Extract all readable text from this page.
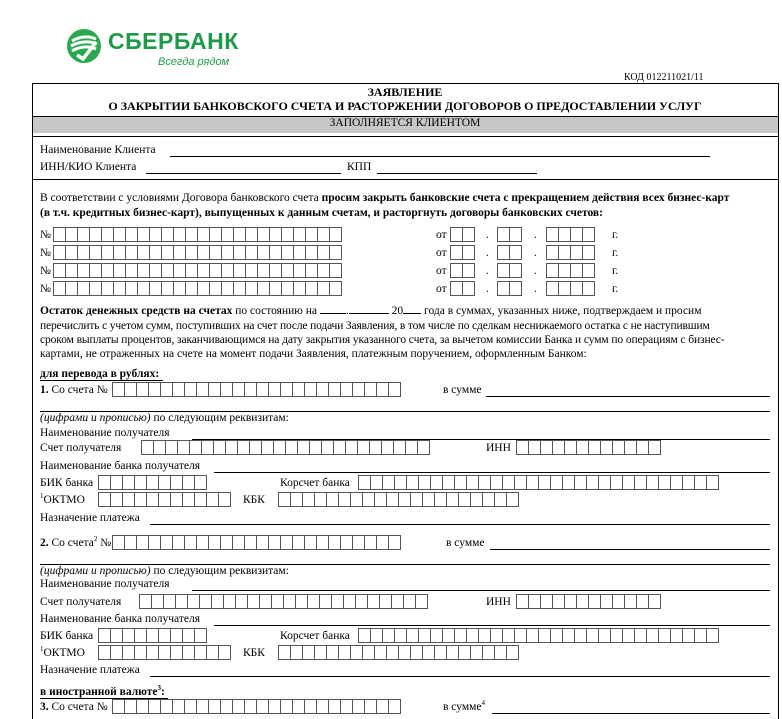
СБЕРБАНК
Всегда рядом
КОД 012211021/11
ЗАЯВЛЕНИЕ
О ЗАКРЫТИИ БАНКОВСКОГО СЧЕТА И РАСТОРЖЕНИИ ДОГОВОРОВ О ПРЕДОСТАВЛЕНИИ УСЛУГ
ЗАПОЛНЯЕТСЯ КЛИЕНТОМ
Наименование Клиента
ИНН/КИО Клиента	КПП
В соответствии с условиями Договора банковского счета просим закрыть банковские счета с прекращением действия всех бизнес-карт
(в т.ч. кредитных бизнес-карт), выпущенных к данным счетам, и расторгнуть договоры банковских счетов:
№	от	.	.	г.
№	от	.	.	г.
№	от	.	.	г.
№	от	.	.	г.
Остаток денежных средств на счетах по состоянию на	.	20 года в суммах, указанных ниже, подтверждаем и просим
перечислить с учетом сумм, поступивших на счет после подачи Заявления, в том числе по сделкам неснижаемого остатка с не наступившим
сроком выплаты процентов, заканчивающимся на дату закрытия указанного счета, за вычетом комиссии Банка и сумм по операциям с бизнес-
картами, не отраженных на счете на момент подачи Заявления, платежным поручением, оформленным Банком:
для перевода в рублях:
1. Со счета №	в сумме
(цифрами и прописью) по следующим реквизитам:
Наименование получателя
Счет получателя	ИНН
Наименование банка получателя
БИК банка	Корсчет банка
$^1$ОКТМО	КБК
Назначение платежа
2. Со счета$^2$ №	в сумме
(цифрами и прописью) по следующим реквизитам:
Наименование получателя
Счет получателя	ИНН
Наименование банка получателя
БИК банка	Корсчет банка
$^1$ОКТМО	КБК
Назначение платежа
в иностранной валюте$^3$:
3. Со счета №	в сумме$^4$
